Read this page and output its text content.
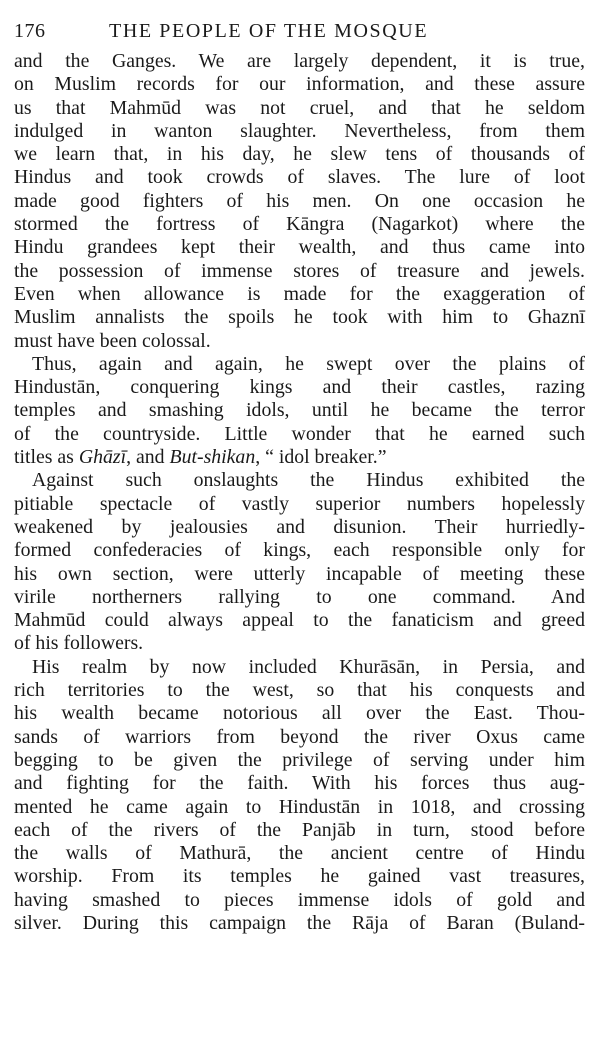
176	THE PEOPLE OF THE MOSQUE
and the Ganges. We are largely dependent, it is true,
on Muslim records for our information, and these assure
us that Mahmūd was not cruel, and that he seldom
indulged in wanton slaughter. Nevertheless, from them
we learn that, in his day, he slew tens of thousands of
Hindus and took crowds of slaves. The lure of loot
made good fighters of his men. On one occasion he
stormed the fortress of Kāngra (Nagarkot) where the
Hindu grandees kept their wealth, and thus came into
the possession of immense stores of treasure and jewels.
Even when allowance is made for the exaggeration of
Muslim annalists the spoils he took with him to Ghaznī
must have been colossal.
Thus, again and again, he swept over the plains of
Hindustān, conquering kings and their castles, razing
temples and smashing idols, until he became the terror
of the countryside. Little wonder that he earned such
titles as Ghāzī, and But-shikan, “ idol breaker.”
Against such onslaughts the Hindus exhibited the
pitiable spectacle of vastly superior numbers hopelessly
weakened by jealousies and disunion. Their hurriedly-
formed confederacies of kings, each responsible only for
his own section, were utterly incapable of meeting these
virile northerners rallying to one command. And
Mahmūd could always appeal to the fanaticism and greed
of his followers.
His realm by now included Khurāsān, in Persia, and
rich territories to the west, so that his conquests and
his wealth became notorious all over the East. Thou-
sands of warriors from beyond the river Oxus came
begging to be given the privilege of serving under him
and fighting for the faith. With his forces thus aug-
mented he came again to Hindustān in 1018, and crossing
each of the rivers of the Panjāb in turn, stood before
the walls of Mathurā, the ancient centre of Hindu
worship. From its temples he gained vast treasures,
having smashed to pieces immense idols of gold and
silver. During this campaign the Rāja of Baran (Buland-
